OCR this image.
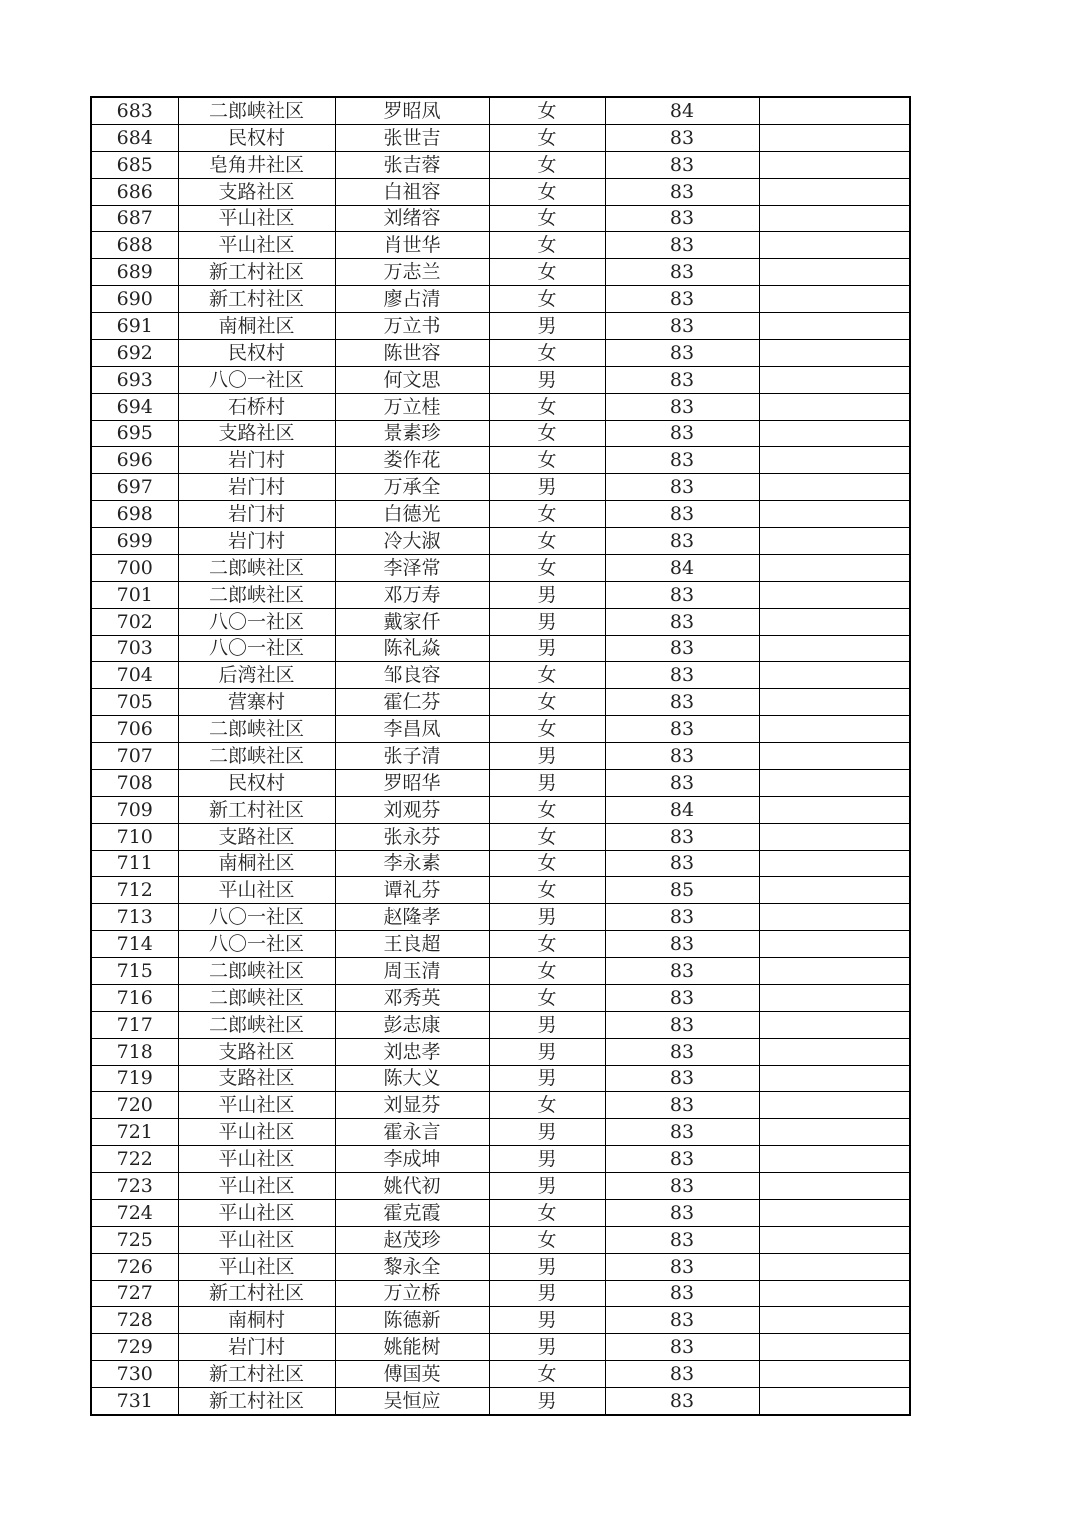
683	二郎峡社区	罗昭凤	女	84	
684	民权村	张世吉	女	83	
685	皂角井社区	张吉蓉	女	83	
686	支路社区	白祖容	女	83	
687	平山社区	刘绪容	女	83	
688	平山社区	肖世华	女	83	
689	新工村社区	万志兰	女	83	
690	新工村社区	廖占清	女	83	
691	南桐社区	万立书	男	83	
692	民权村	陈世容	女	83	
693	八〇一社区	何文思	男	83	
694	石桥村	万立桂	女	83	
695	支路社区	景素珍	女	83	
696	岩门村	娄作花	女	83	
697	岩门村	万承全	男	83	
698	岩门村	白德光	女	83	
699	岩门村	冷大淑	女	83	
700	二郎峡社区	李泽常	女	84	
701	二郎峡社区	邓万寿	男	83	
702	八〇一社区	戴家仟	男	83	
703	八〇一社区	陈礼焱	男	83	
704	后湾社区	邹良容	女	83	
705	营寨村	霍仁芬	女	83	
706	二郎峡社区	李昌凤	女	83	
707	二郎峡社区	张子清	男	83	
708	民权村	罗昭华	男	83	
709	新工村社区	刘观芬	女	84	
710	支路社区	张永芬	女	83	
711	南桐社区	李永素	女	83	
712	平山社区	谭礼芬	女	85	
713	八〇一社区	赵隆孝	男	83	
714	八〇一社区	王良超	女	83	
715	二郎峡社区	周玉清	女	83	
716	二郎峡社区	邓秀英	女	83	
717	二郎峡社区	彭志康	男	83	
718	支路社区	刘忠孝	男	83	
719	支路社区	陈大义	男	83	
720	平山社区	刘显芬	女	83	
721	平山社区	霍永言	男	83	
722	平山社区	李成坤	男	83	
723	平山社区	姚代初	男	83	
724	平山社区	霍克霞	女	83	
725	平山社区	赵茂珍	女	83	
726	平山社区	黎永全	男	83	
727	新工村社区	万立桥	男	83	
728	南桐村	陈德新	男	83	
729	岩门村	姚能树	男	83	
730	新工村社区	傅国英	女	83	
731	新工村社区	吴恒应	男	83	
